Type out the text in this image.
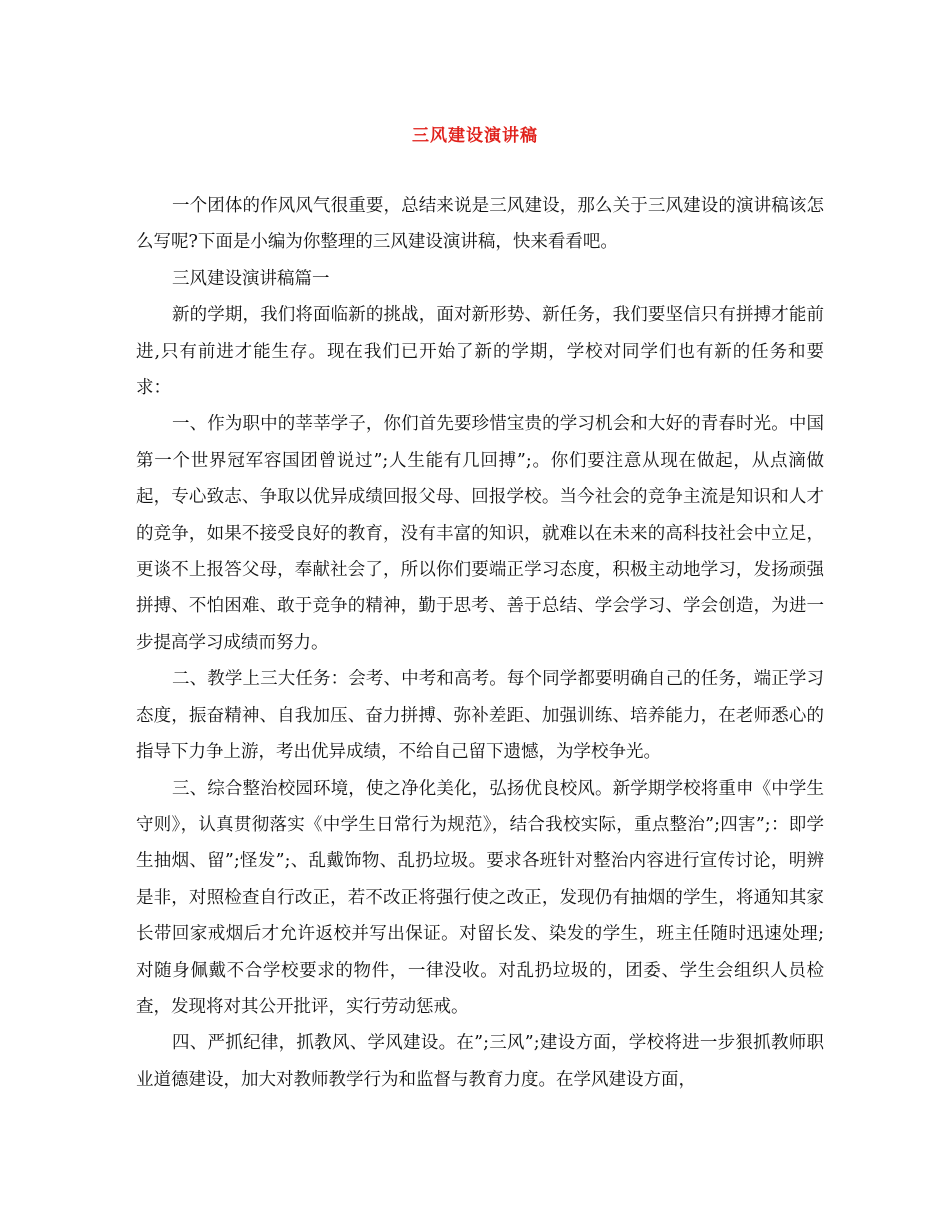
三风建设演讲稿

一个团体的作风风气很重要，总结来说是三风建设，那么关于三风建设的演讲稿该怎么写呢?下面是小编为你整理的三风建设演讲稿，快来看看吧。

三风建设演讲稿篇一

新的学期，我们将面临新的挑战，面对新形势、新任务，我们要坚信只有拼搏才能前进,只有前进才能生存。现在我们已开始了新的学期，学校对同学们也有新的任务和要求：

一、作为职中的莘莘学子，你们首先要珍惜宝贵的学习机会和大好的青春时光。中国第一个世界冠军容国团曾说过”;人生能有几回搏”;。你们要注意从现在做起，从点滴做起，专心致志、争取以优异成绩回报父母、回报学校。当今社会的竞争主流是知识和人才的竞争，如果不接受良好的教育，没有丰富的知识，就难以在未来的高科技社会中立足，更谈不上报答父母，奉献社会了，所以你们要端正学习态度，积极主动地学习，发扬顽强拼搏、不怕困难、敢于竞争的精神，勤于思考、善于总结、学会学习、学会创造，为进一步提高学习成绩而努力。

二、教学上三大任务：会考、中考和高考。每个同学都要明确自己的任务，端正学习态度，振奋精神、自我加压、奋力拼搏、弥补差距、加强训练、培养能力，在老师悉心的指导下力争上游，考出优异成绩，不给自己留下遗憾，为学校争光。

三、综合整治校园环境，使之净化美化，弘扬优良校风。新学期学校将重申《中学生守则》，认真贯彻落实《中学生日常行为规范》，结合我校实际，重点整治”;四害”;：即学生抽烟、留”;怪发”;、乱戴饰物、乱扔垃圾。要求各班针对整治内容进行宣传讨论，明辨是非，对照检查自行改正，若不改正将强行使之改正，发现仍有抽烟的学生，将通知其家长带回家戒烟后才允许返校并写出保证。对留长发、染发的学生，班主任随时迅速处理;对随身佩戴不合学校要求的物件，一律没收。对乱扔垃圾的，团委、学生会组织人员检查，发现将对其公开批评，实行劳动惩戒。

四、严抓纪律，抓教风、学风建设。在”;三风”;建设方面，学校将进一步狠抓教师职业道德建设，加大对教师教学行为和监督与教育力度。在学风建设方面，
